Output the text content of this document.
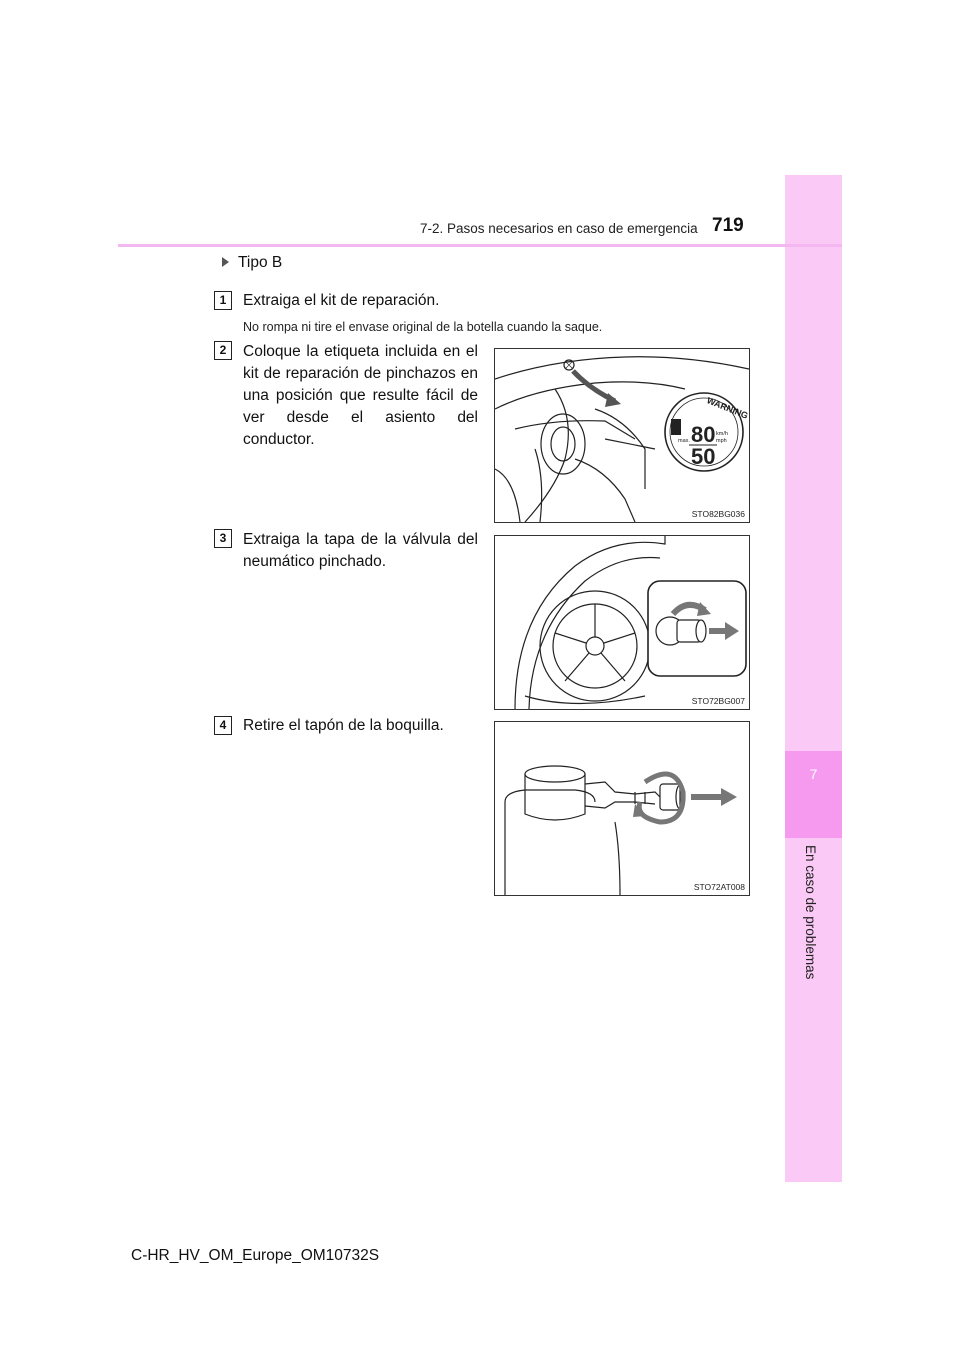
7
En caso de problemas
7-2. Pasos necesarios en caso de emergencia 719
Tipo B
1	Extraiga el kit de reparación.
No rompa ni tire el envase original de la botella cuando la saque.
2	Coloque la etiqueta incluida en el kit de reparación de pinchazos en una posición que resulte fácil de ver desde el asiento del conductor.
WARNING
80
50
km/h
mph
max.
STO82BG036
3	Extraiga la tapa de la válvula del neumático pinchado.
STO72BG007
4	Retire el tapón de la boquilla.
STO72AT008
C-HR_HV_OM_Europe_OM10732S
